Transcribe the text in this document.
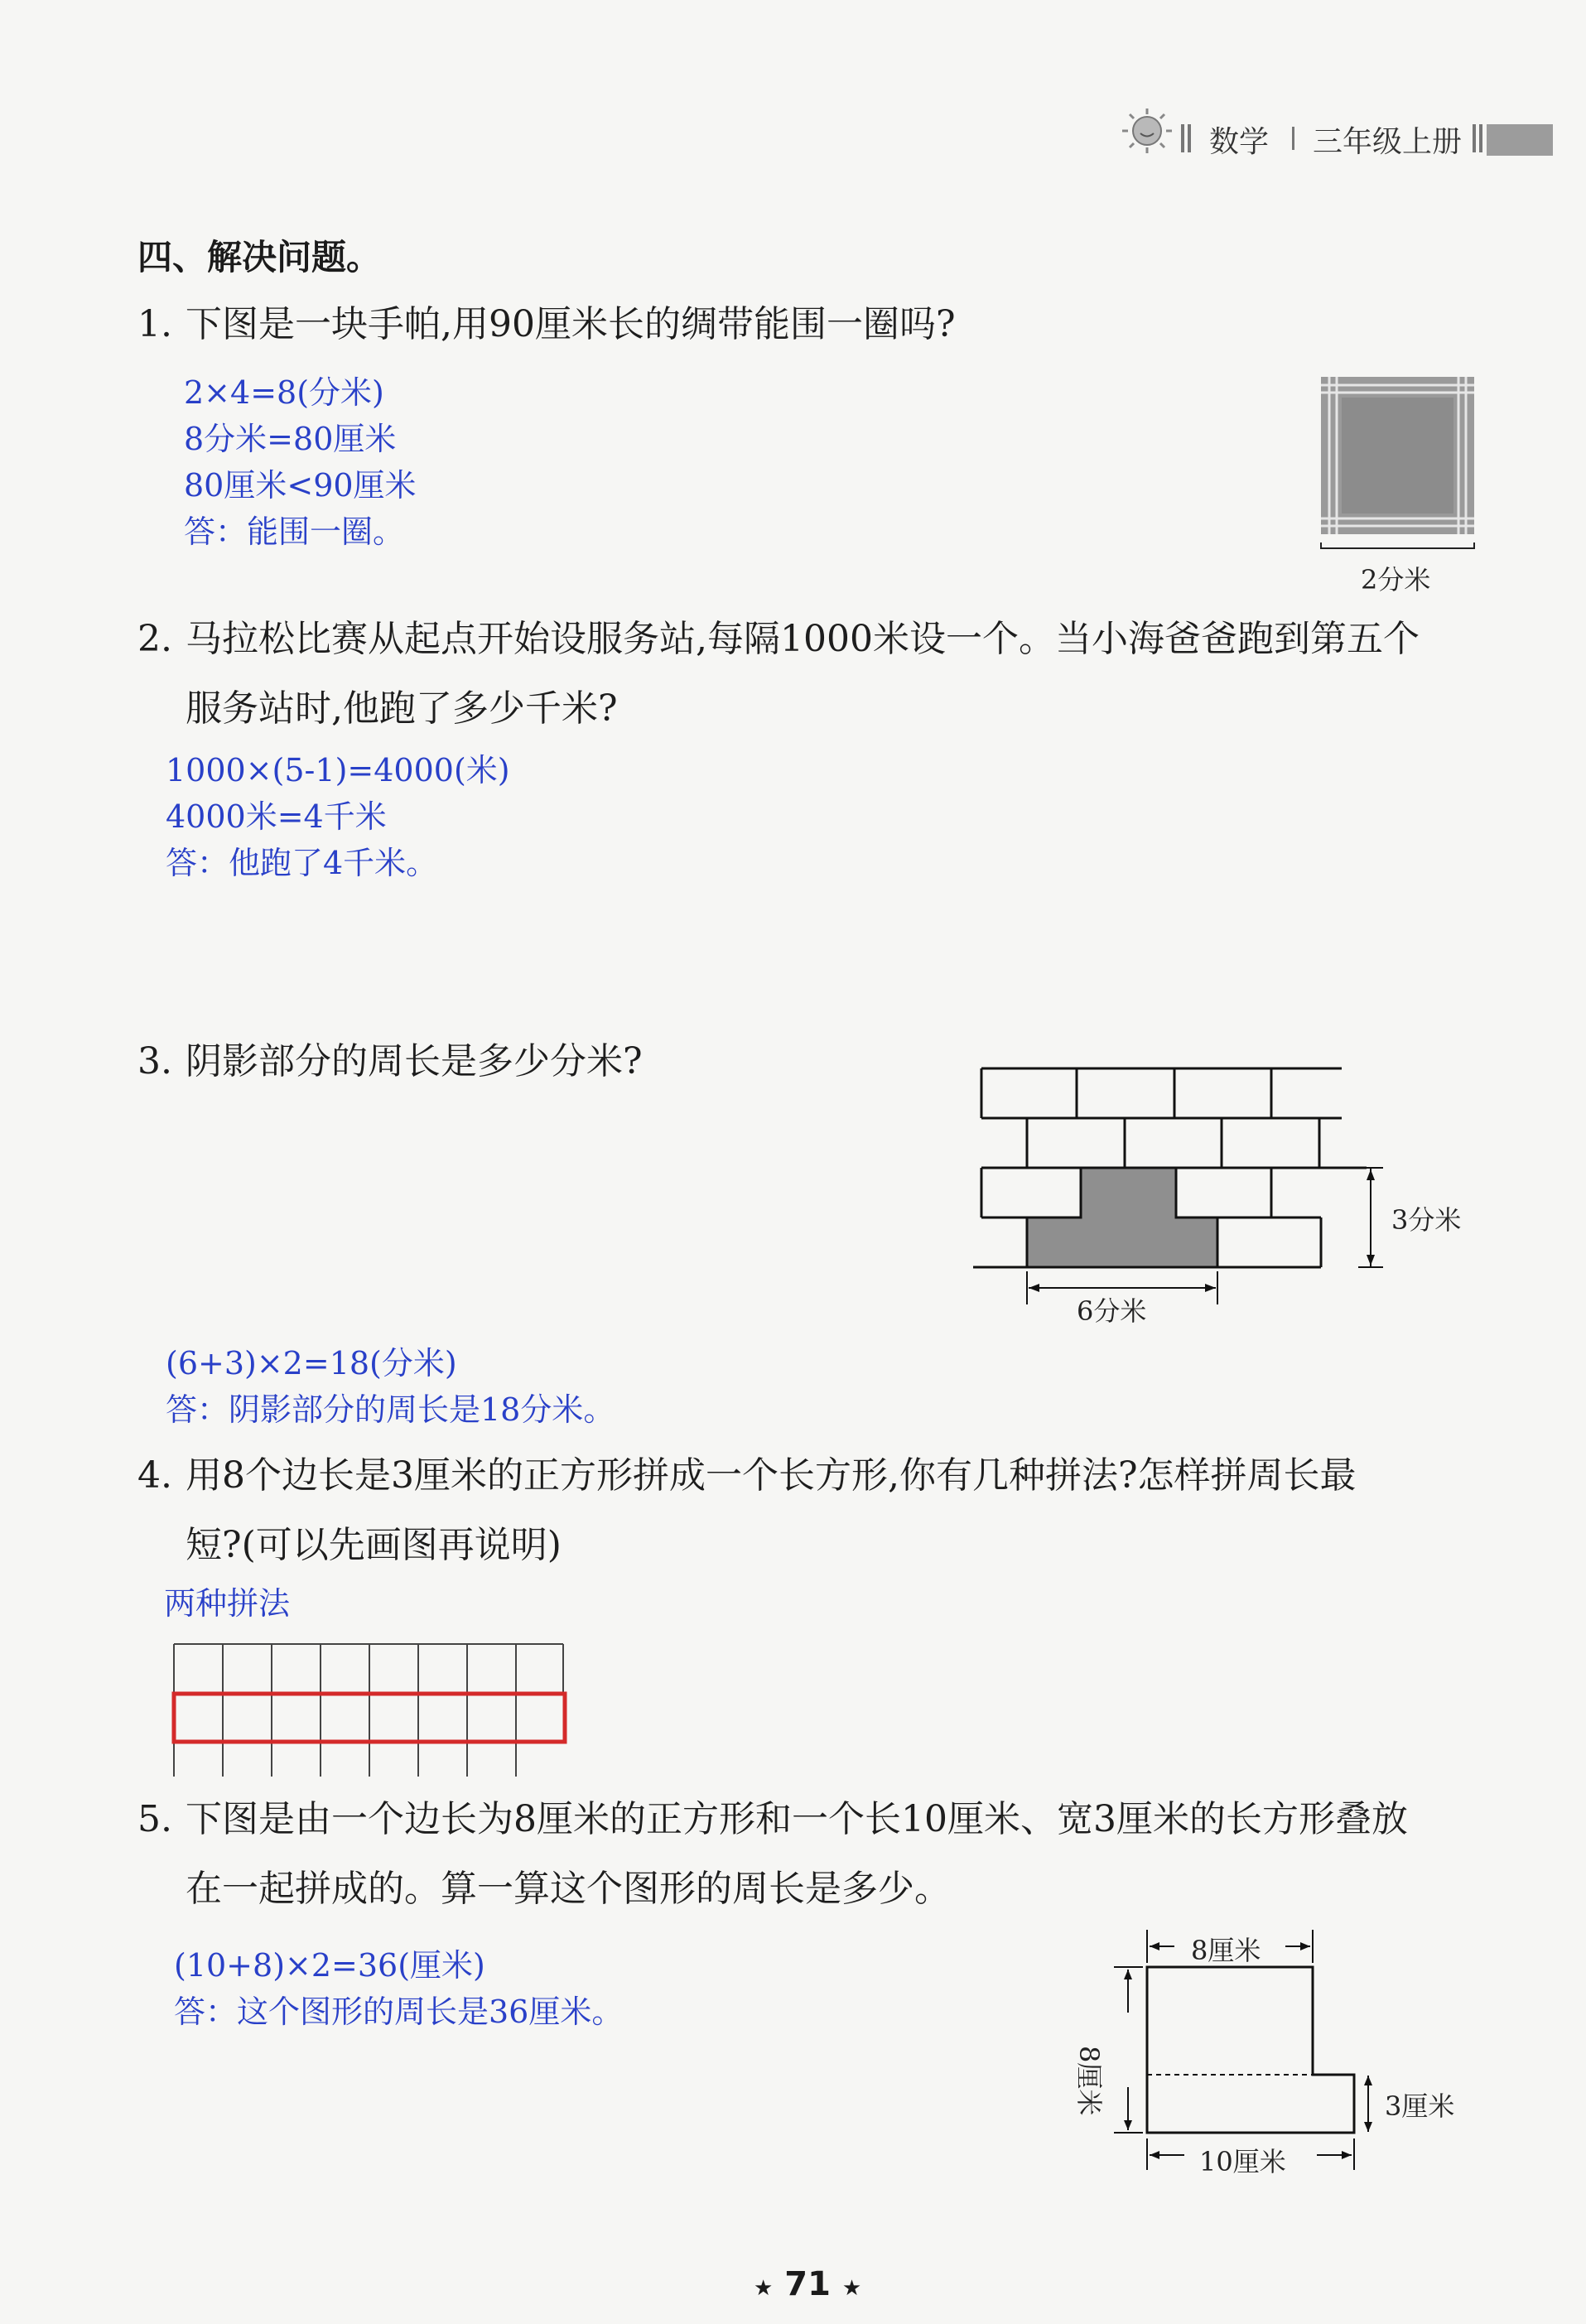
数学 三年级上册
四、解决问题。
1. 下图是一块手帕,用90厘米长的绸带能围一圈吗?
2×4=8(分米)
8分米=80厘米
80厘米<90厘米
答：能围一圈。
2分米
2. 马拉松比赛从起点开始设服务站,每隔1000米设一个。当小海爸爸跑到第五个
服务站时,他跑了多少千米?
1000×(5-1)=4000(米)
4000米=4千米
答：他跑了4千米。
3. 阴影部分的周长是多少分米?
3分米
6分米
(6+3)×2=18(分米)
答：阴影部分的周长是18分米。
4. 用8个边长是3厘米的正方形拼成一个长方形,你有几种拼法?怎样拼周长最
短?(可以先画图再说明)
两种拼法
5. 下图是由一个边长为8厘米的正方形和一个长10厘米、宽3厘米的长方形叠放
在一起拼成的。算一算这个图形的周长是多少。
(10+8)×2=36(厘米)
答：这个图形的周长是36厘米。
8厘米
8厘米	3厘米
10厘米
★ 71 ★
